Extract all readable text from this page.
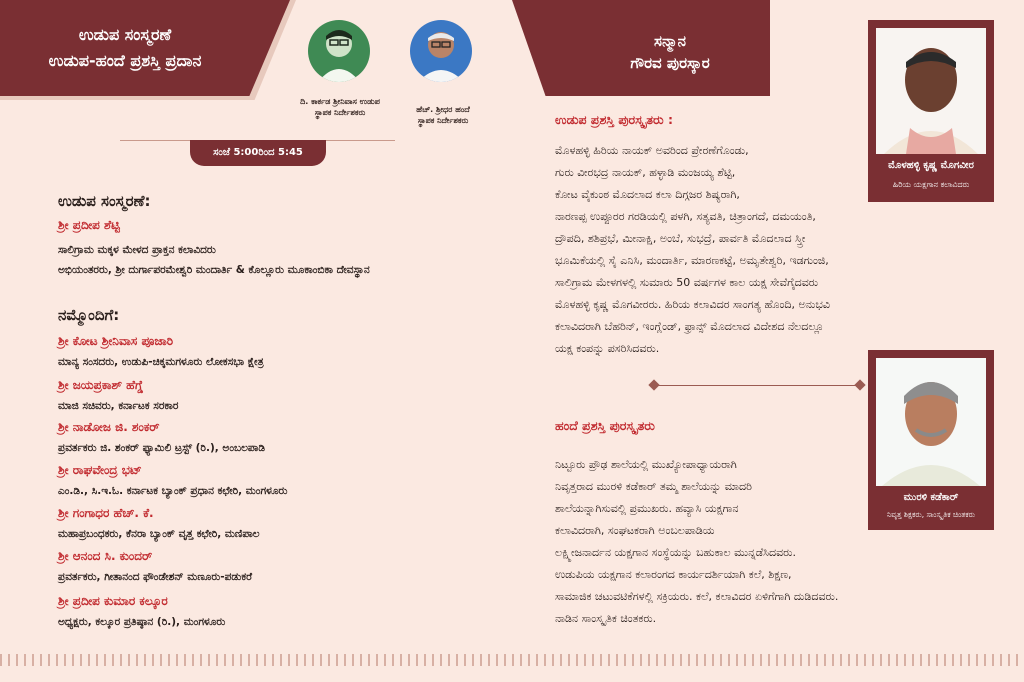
ಉಡುಪ ಸಂಸ್ಮರಣೆ
ಉಡುಪ-ಹಂದೆ ಪ್ರಶಸ್ತಿ ಪ್ರದಾನ
ದಿ. ಕಾರ್ಕಡ ಶ್ರೀನಿವಾಸ ಉಡುಪ
ಸ್ಥಾಪಕ ನಿರ್ದೇಶಕರು	ಹೆಚ್. ಶ್ರೀಧರ ಹಂದೆ
ಸ್ಥಾಪಕ ನಿರ್ದೇಶಕರು
ಸಂಜೆ 5:00ರಿಂದ 5:45
ಉಡುಪ ಸಂಸ್ಮರಣೆ:
ಶ್ರೀ ಪ್ರದೀಪ ಶೆಟ್ಟಿ
ಸಾಲಿಗ್ರಾಮ ಮಕ್ಕಳ ಮೇಳದ ಪ್ರಾಕ್ತನ ಕಲಾವಿದರು
ಅಭಿಯಂತರರು, ಶ್ರೀ ದುರ್ಗಾಪರಮೇಶ್ವರಿ ಮಂದಾರ್ತಿ & ಕೊಲ್ಲೂರು ಮೂಕಾಂಬಿಕಾ ದೇವಸ್ಥಾನ
ನಮ್ಮೊಂದಿಗೆ:
ಶ್ರೀ ಕೋಟ ಶ್ರೀನಿವಾಸ ಪೂಜಾರಿ
ಮಾನ್ಯ ಸಂಸದರು, ಉಡುಪಿ-ಚಿಕ್ಕಮಗಳೂರು ಲೋಕಸಭಾ ಕ್ಷೇತ್ರ
ಶ್ರೀ ಜಯಪ್ರಕಾಶ್ ಹೆಗ್ಡೆ
ಮಾಜಿ ಸಚಿವರು, ಕರ್ನಾಟಕ ಸರಕಾರ
ಶ್ರೀ ನಾಡೋಜ ಜಿ. ಶಂಕರ್
ಪ್ರವರ್ತಕರು ಜಿ. ಶಂಕರ್ ಫ್ಯಾಮಿಲಿ ಟ್ರಸ್ಟ್ (ರಿ.), ಅಂಬಲಪಾಡಿ
ಶ್ರೀ ರಾಘವೇಂದ್ರ ಭಟ್
ಎಂ.ಡಿ., ಸಿ.ಇ.ಓ. ಕರ್ನಾಟಕ ಬ್ಯಾಂಕ್ ಪ್ರಧಾನ ಕಛೇರಿ, ಮಂಗಳೂರು
ಶ್ರೀ ಗಂಗಾಧರ ಹೆಚ್. ಕೆ.
ಮಹಾಪ್ರಬಂಧಕರು, ಕೆನರಾ ಬ್ಯಾಂಕ್ ವೃತ್ತ ಕಛೇರಿ, ಮಣಿಪಾಲ
ಶ್ರೀ ಆನಂದ ಸಿ. ಕುಂದರ್
ಪ್ರವರ್ತಕರು, ಗೀತಾನಂದ ಫೌಂಡೇಶನ್ ಮಣೂರು-ಪಡುಕರೆ
ಶ್ರೀ ಪ್ರದೀಪ ಕುಮಾರ ಕಲ್ಕೂರ
ಅಧ್ಯಕ್ಷರು, ಕಲ್ಕೂರ ಪ್ರತಿಷ್ಠಾನ (ರಿ.), ಮಂಗಳೂರು
ಸನ್ಮಾನ
ಗೌರವ ಪುರಸ್ಕಾರ
ಉಡುಪ ಪ್ರಶಸ್ತಿ ಪುರಸ್ಕೃತರು :
ಮೊಳಹಳ್ಳಿ ಹಿರಿಯ ನಾಯಕ್ ಅವರಿಂದ ಪ್ರೇರಣೆಗೊಂಡು,
ಗುರು ವೀರಭದ್ರ ನಾಯಕ್, ಹಳ್ಳಾಡಿ ಮಂಜಯ್ಯ ಶೆಟ್ಟಿ,
ಕೋಟ ವೈಕುಂಠ ಮೊದಲಾದ ಕಲಾ ದಿಗ್ಗಜರ ಶಿಷ್ಯರಾಗಿ,
ನಾರಣಪ್ಪ ಉಪ್ಪೂರರ ಗರಡಿಯಲ್ಲಿ ಪಳಗಿ, ಸತ್ಯವತಿ, ಚಿತ್ರಾಂಗದೆ, ದಮಯಂತಿ,
ದ್ರೌಪದಿ, ಶಶಿಪ್ರಭೆ, ಮೀನಾಕ್ಷಿ, ಅಂಬೆ, ಸುಭದ್ರೆ, ಪಾರ್ವತಿ ಮೊದಲಾದ ಸ್ತ್ರೀ
ಭೂಮಿಕೆಯಲ್ಲಿ ಸೈ ಎನಿಸಿ, ಮಂದಾರ್ತಿ, ಮಾರಣಕಟ್ಟೆ, ಅಮೃತೇಶ್ವರಿ, ಇಡಗುಂಜಿ,
ಸಾಲಿಗ್ರಾಮ ಮೇಳಗಳಲ್ಲಿ ಸುಮಾರು 50 ವರ್ಷಗಳ ಕಾಲ ಯಕ್ಷ ಸೇವೆಗೈದವರು
ಮೊಳಹಳ್ಳಿ ಕೃಷ್ಣ ಮೊಗವೀರರು. ಹಿರಿಯ ಕಲಾವಿದರ ಸಾಂಗತ್ಯ ಹೊಂದಿ, ಅನುಭವಿ
ಕಲಾವಿದರಾಗಿ ಬೆಹರಿನ್, ಇಂಗ್ಲೆಂಡ್, ಫ್ರಾನ್ಸ್ ಮೊದಲಾದ ವಿದೇಶದ ನೆಲದಲ್ಲೂ
ಯಕ್ಷ ಕಂಪನ್ನು ಪಸರಿಸಿದವರು.
ಮೊಳಹಳ್ಳಿ ಕೃಷ್ಣ ಮೊಗವೀರ
ಹಿರಿಯ ಯಕ್ಷಗಾನ ಕಲಾವಿದರು
ಹಂದೆ ಪ್ರಶಸ್ತಿ ಪುರಸ್ಕೃತರು
ನಿಟ್ಟೂರು ಪ್ರೌಢ ಶಾಲೆಯಲ್ಲಿ ಮುಖ್ಯೋಪಾಧ್ಯಾಯರಾಗಿ
ನಿವೃತ್ತರಾದ ಮುರಳಿ ಕಡೆಕಾರ್ ತಮ್ಮ ಶಾಲೆಯನ್ನು ಮಾದರಿ
ಶಾಲೆಯನ್ನಾಗಿಸುವಲ್ಲಿ ಪ್ರಮುಖರು. ಹವ್ಯಾಸಿ ಯಕ್ಷಗಾನ
ಕಲಾವಿದರಾಗಿ, ಸಂಘಟಕರಾಗಿ ಅಂಬಲಪಾಡಿಯ
ಲಕ್ಷ್ಮೀಜನಾರ್ದನ ಯಕ್ಷಗಾನ ಸಂಸ್ಥೆಯನ್ನು ಬಹುಕಾಲ ಮುನ್ನಡೆಸಿದವರು.
ಉಡುಪಿಯ ಯಕ್ಷಗಾನ ಕಲಾರಂಗದ ಕಾರ್ಯದರ್ಶಿಯಾಗಿ ಕಲೆ, ಶಿಕ್ಷಣ,
ಸಾಮಾಜಿಕ ಚಟುವಟಿಕೆಗಳಲ್ಲಿ ಸಕ್ರಿಯರು. ಕಲೆ, ಕಲಾವಿದರ ಏಳಿಗೆಗಾಗಿ ದುಡಿದವರು.
ನಾಡಿನ ಸಾಂಸ್ಕೃತಿಕ ಚಿಂತಕರು.
ಮುರಳಿ ಕಡೆಕಾರ್
ನಿವೃತ್ತ ಶಿಕ್ಷಕರು, ಸಾಂಸ್ಕೃತಿಕ ಚಿಂತಕರು
